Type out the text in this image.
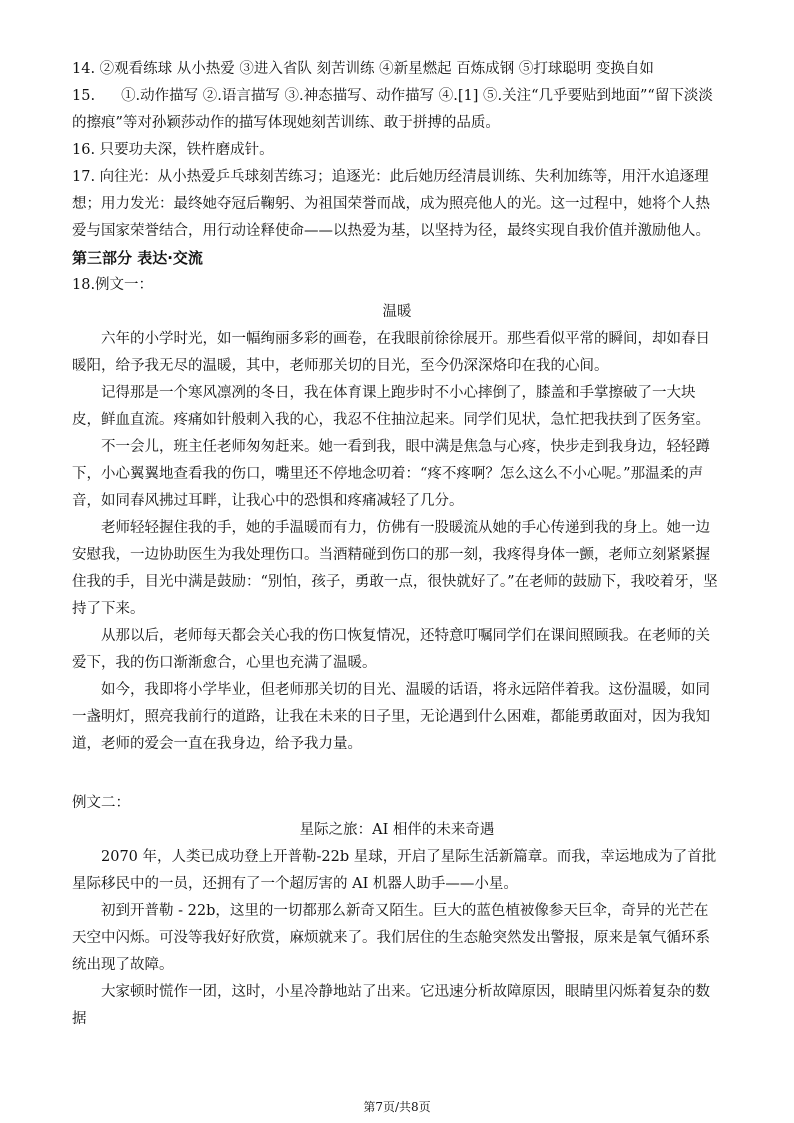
14. ②观看练球 从小热爱 ③进入省队 刻苦训练 ④新星燃起 百炼成钢 ⑤打球聪明 变换自如

15. ①.动作描写 ②.语言描写 ③.神态描写、动作描写 ④.[1] ⑤.关注“几乎要贴到地面”“留下淡淡的擦痕”等对孙颖莎动作的描写体现她刻苦训练、敢于拼搏的品质。

16. 只要功夫深，铁杵磨成针。

17. 向往光：从小热爱乒乓球刻苦练习；追逐光：此后她历经清晨训练、失利加练等，用汗水追逐理想；用力发光：最终她夺冠后鞠躬、为祖国荣誉而战，成为照亮他人的光。这一过程中，她将个人热爱与国家荣誉结合，用行动诠释使命——以热爱为基，以坚持为径，最终实现自我价值并激励他人。

第三部分 表达·交流

18.例文一：

温暖

六年的小学时光，如一幅绚丽多彩的画卷，在我眼前徐徐展开。那些看似平常的瞬间，却如春日暖阳，给予我无尽的温暖，其中，老师那关切的目光，至今仍深深烙印在我的心间。

记得那是一个寒风凛冽的冬日，我在体育课上跑步时不小心摔倒了，膝盖和手掌擦破了一大块皮，鲜血直流。疼痛如针般刺入我的心，我忍不住抽泣起来。同学们见状，急忙把我扶到了医务室。

不一会儿，班主任老师匆匆赶来。她一看到我，眼中满是焦急与心疼，快步走到我身边，轻轻蹲下，小心翼翼地查看我的伤口，嘴里还不停地念叨着：“疼不疼啊？怎么这么不小心呢。”那温柔的声音，如同春风拂过耳畔，让我心中的恐惧和疼痛减轻了几分。

老师轻轻握住我的手，她的手温暖而有力，仿佛有一股暖流从她的手心传递到我的身上。她一边安慰我，一边协助医生为我处理伤口。当酒精碰到伤口的那一刻，我疼得身体一颤，老师立刻紧紧握住我的手，目光中满是鼓励：“别怕，孩子，勇敢一点，很快就好了。”在老师的鼓励下，我咬着牙，坚持了下来。

从那以后，老师每天都会关心我的伤口恢复情况，还特意叮嘱同学们在课间照顾我。在老师的关爱下，我的伤口渐渐愈合，心里也充满了温暖。

如今，我即将小学毕业，但老师那关切的目光、温暖的话语，将永远陪伴着我。这份温暖，如同一盏明灯，照亮我前行的道路，让我在未来的日子里，无论遇到什么困难，都能勇敢面对，因为我知道，老师的爱会一直在我身边，给予我力量。

例文二：

星际之旅：AI 相伴的未来奇遇

2070 年，人类已成功登上开普勒-22b 星球，开启了星际生活新篇章。而我，幸运地成为了首批星际移民中的一员，还拥有了一个超厉害的 AI 机器人助手——小星。

初到开普勒 - 22b，这里的一切都那么新奇又陌生。巨大的蓝色植被像参天巨伞，奇异的光芒在天空中闪烁。可没等我好好欣赏，麻烦就来了。我们居住的生态舱突然发出警报，原来是氧气循环系统出现了故障。

大家顿时慌作一团，这时，小星冷静地站了出来。它迅速分析故障原因，眼睛里闪烁着复杂的数据

第7页/共8页
